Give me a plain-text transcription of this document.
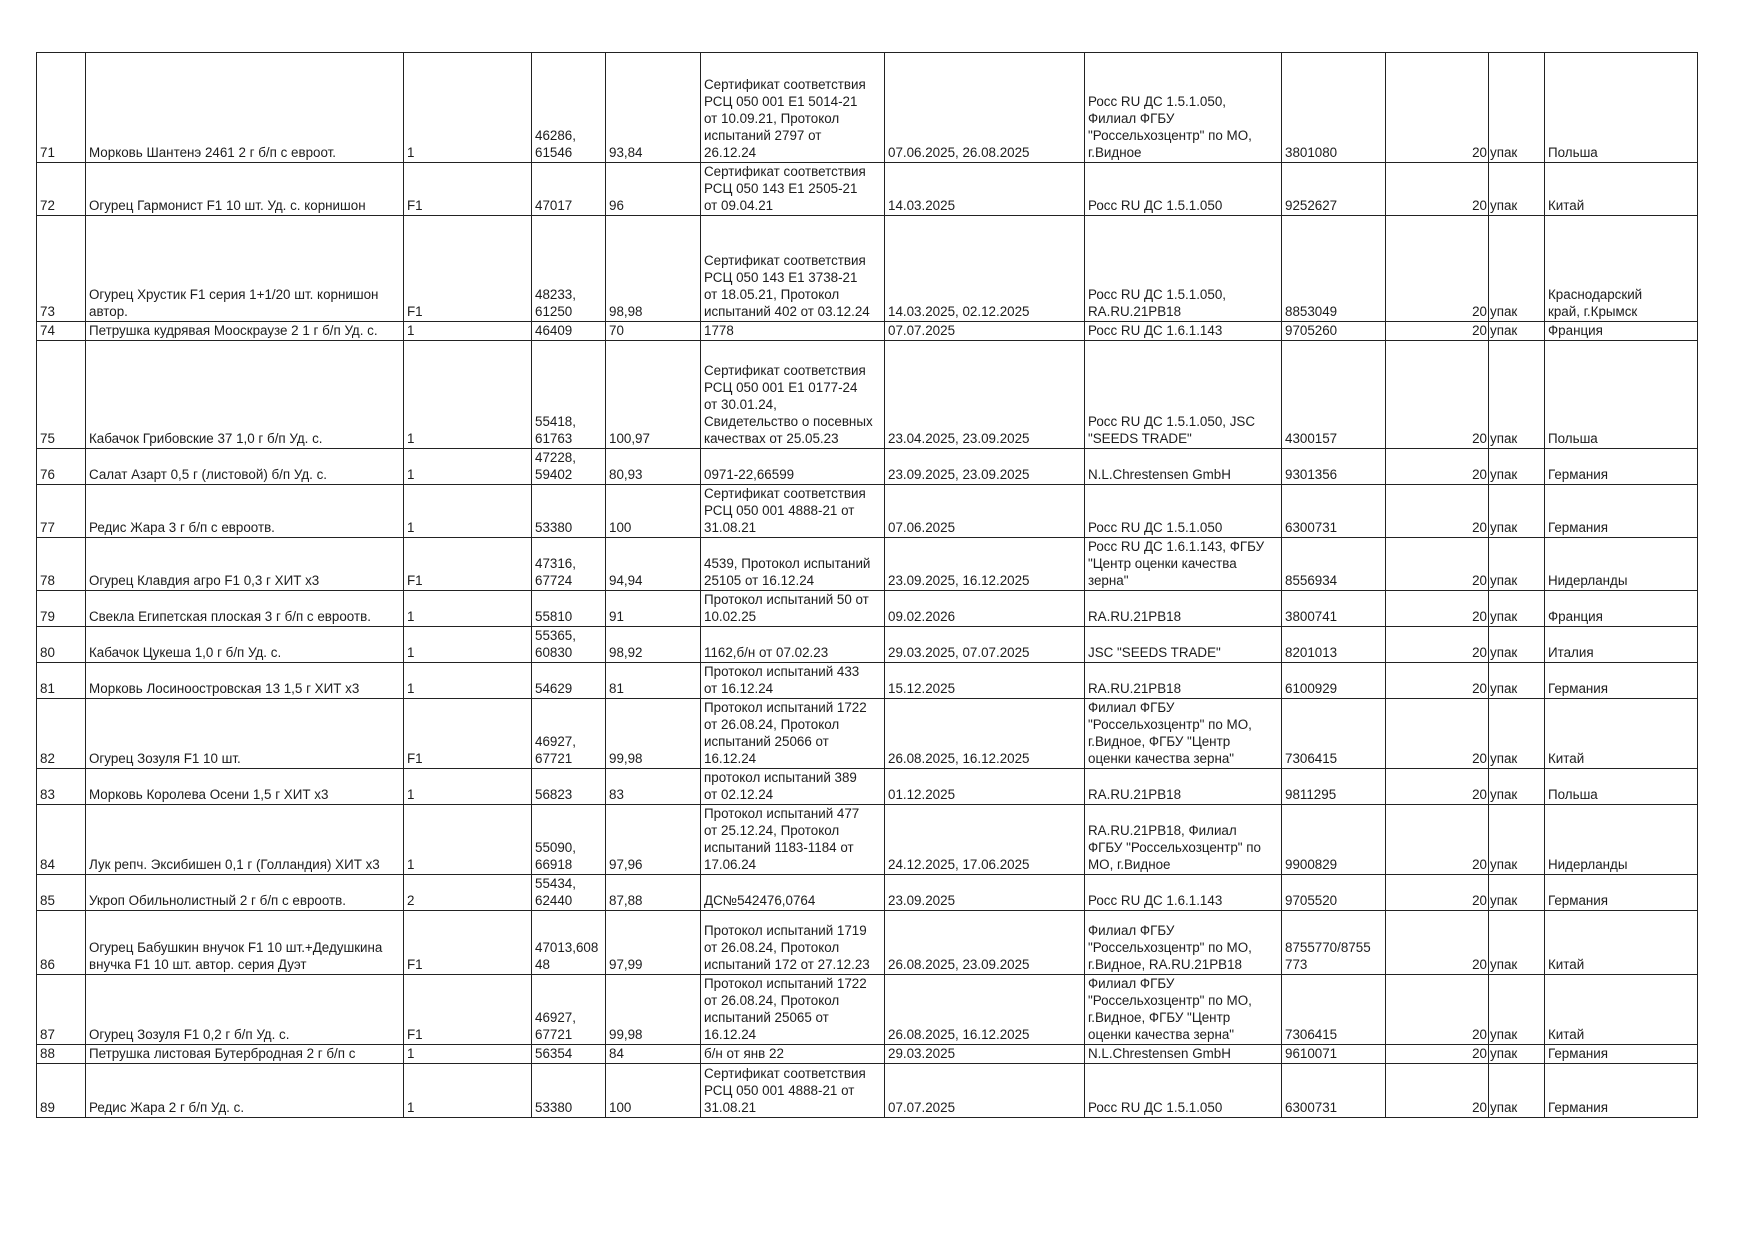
71	Морковь Шантенэ 2461 2 г б/п с евроот.	1	46286,
61546	93,84	Сертификат соответствия
РСЦ 050 001 Е1 5014-21
от 10.09.21, Протокол
испытаний 2797 от
26.12.24	07.06.2025, 26.08.2025	Росс RU ДС 1.5.1.050,
Филиал ФГБУ
"Россельхозцентр" по МО,
г.Видное	3801080	20	упак	Польша
72	Огурец Гармонист F1 10 шт. Уд. с. корнишон	F1	47017	96	Сертификат соответствия
РСЦ 050 143 Е1 2505-21
от 09.04.21	14.03.2025	Росс RU ДС 1.5.1.050	9252627	20	упак	Китай
73	Огурец Хрустик F1 серия 1+1/20 шт. корнишон
автор.	F1	48233,
61250	98,98	Сертификат соответствия
РСЦ 050 143 Е1 3738-21
от 18.05.21, Протокол
испытаний 402 от 03.12.24	14.03.2025, 02.12.2025	Росс RU ДС 1.5.1.050,
RA.RU.21PB18	8853049	20	упак	Краснодарский
край, г.Крымск
74	Петрушка кудрявая Мооскраузе 2 1 г б/п Уд. с.	1	46409	70	1778	07.07.2025	Росс RU ДС 1.6.1.143	9705260	20	упак	Франция
75	Кабачок Грибовские 37 1,0 г б/п Уд. с.	1	55418,
61763	100,97	Сертификат соответствия
РСЦ 050 001 Е1 0177-24
от 30.01.24,
Свидетельство о посевных
качествах от 25.05.23	23.04.2025, 23.09.2025	Росс RU ДС 1.5.1.050, JSC
"SEEDS TRADE"	4300157	20	упак	Польша
76	Салат Азарт 0,5 г (листовой) б/п Уд. с.	1	47228,
59402	80,93	0971-22,66599	23.09.2025, 23.09.2025	N.L.Chrestensen GmbH	9301356	20	упак	Германия
77	Редис Жара 3 г б/п с евроотв.	1	53380	100	Сертификат соответствия
РСЦ 050 001 4888-21 от
31.08.21	07.06.2025	Росс RU ДС 1.5.1.050	6300731	20	упак	Германия
78	Огурец Клавдия агро F1 0,3 г ХИТ х3	F1	47316,
67724	94,94	4539, Протокол испытаний
25105 от 16.12.24	23.09.2025, 16.12.2025	Росс RU ДС 1.6.1.143, ФГБУ
"Центр оценки качества
зерна"	8556934	20	упак	Нидерланды
79	Свекла Египетская плоская 3 г б/п с евроотв.	1	55810	91	Протокол испытаний 50 от
10.02.25	09.02.2026	RA.RU.21PB18	3800741	20	упак	Франция
80	Кабачок Цукеша 1,0 г б/п Уд. с.	1	55365,
60830	98,92	1162,б/н от 07.02.23	29.03.2025, 07.07.2025	JSC "SEEDS TRADE"	8201013	20	упак	Италия
81	Морковь Лосиноостровская 13 1,5 г ХИТ х3	1	54629	81	Протокол испытаний 433
от 16.12.24	15.12.2025	RA.RU.21PB18	6100929	20	упак	Германия
82	Огурец Зозуля F1 10 шт.	F1	46927,
67721	99,98	Протокол испытаний 1722
от 26.08.24, Протокол
испытаний 25066 от
16.12.24	26.08.2025, 16.12.2025	Филиал ФГБУ
"Россельхозцентр" по МО,
г.Видное, ФГБУ "Центр
оценки качества зерна"	7306415	20	упак	Китай
83	Морковь Королева Осени 1,5 г ХИТ х3	1	56823	83	протокол испытаний 389
от 02.12.24	01.12.2025	RA.RU.21PB18	9811295	20	упак	Польша
84	Лук репч. Эксибишен 0,1 г (Голландия) ХИТ х3	1	55090,
66918	97,96	Протокол испытаний 477
от 25.12.24, Протокол
испытаний 1183-1184 от
17.06.24	24.12.2025, 17.06.2025	RA.RU.21PB18, Филиал
ФГБУ "Россельхозцентр" по
МО, г.Видное	9900829	20	упак	Нидерланды
85	Укроп Обильнолистный 2 г б/п с евроотв.	2	55434,
62440	87,88	ДС№542476,0764	23.09.2025	Росс RU ДС 1.6.1.143	9705520	20	упак	Германия
86	Огурец Бабушкин внучок F1 10 шт.+Дедушкина
внучка F1 10 шт. автор. серия Дуэт	F1	47013,608
48	97,99	Протокол испытаний 1719
от 26.08.24, Протокол
испытаний 172 от 27.12.23	26.08.2025, 23.09.2025	Филиал ФГБУ
"Россельхозцентр" по МО,
г.Видное, RA.RU.21PB18	8755770/8755
773	20	упак	Китай
87	Огурец Зозуля F1 0,2 г б/п Уд. с.	F1	46927,
67721	99,98	Протокол испытаний 1722
от 26.08.24, Протокол
испытаний 25065 от
16.12.24	26.08.2025, 16.12.2025	Филиал ФГБУ
"Россельхозцентр" по МО,
г.Видное, ФГБУ "Центр
оценки качества зерна"	7306415	20	упак	Китай
88	Петрушка листовая Бутербродная 2 г б/п с	1	56354	84	б/н от янв 22	29.03.2025	N.L.Chrestensen GmbH	9610071	20	упак	Германия
89	Редис Жара 2 г б/п Уд. с.	1	53380	100	Сертификат соответствия
РСЦ 050 001 4888-21 от
31.08.21	07.07.2025	Росс RU ДС 1.5.1.050	6300731	20	упак	Германия
